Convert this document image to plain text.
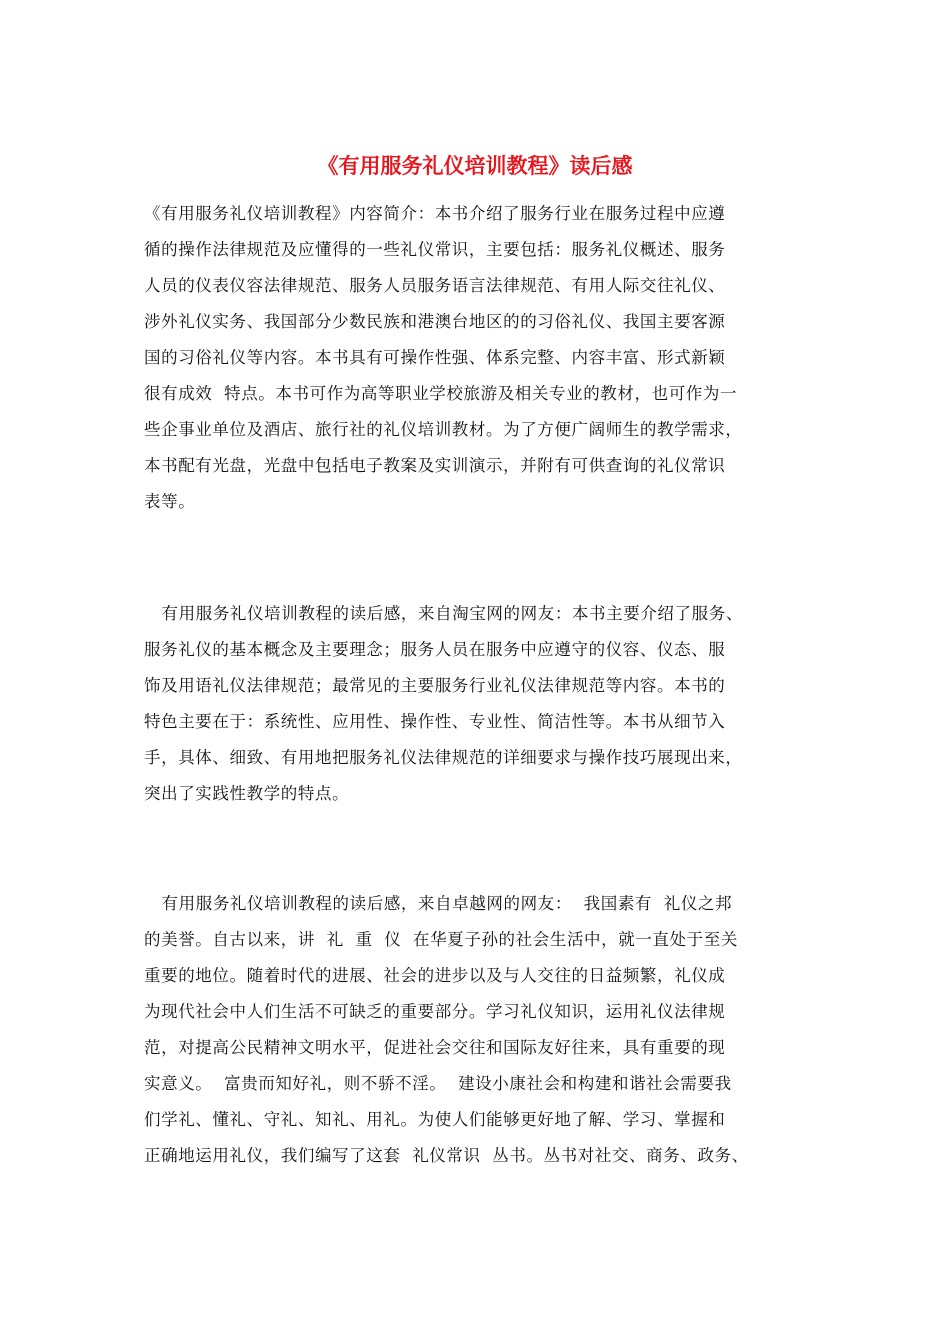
《有用服务礼仪培训教程》读后感
《有用服务礼仪培训教程》内容简介：本书介绍了服务行业在服务过程中应遵
循的操作法律规范及应懂得的一些礼仪常识，主要包括：服务礼仪概述、服务
人员的仪表仪容法律规范、服务人员服务语言法律规范、有用人际交往礼仪、
涉外礼仪实务、我国部分少数民族和港澳台地区的的习俗礼仪、我国主要客源
国的习俗礼仪等内容。本书具有可操作性强、体系完整、内容丰富、形式新颖
很有成效  特点。本书可作为高等职业学校旅游及相关专业的教材，也可作为一
些企事业单位及酒店、旅行社的礼仪培训教材。为了方便广阔师生的教学需求，
本书配有光盘，光盘中包括电子教案及实训演示，并附有可供查询的礼仪常识
表等。
有用服务礼仪培训教程的读后感，来自淘宝网的网友：本书主要介绍了服务、
服务礼仪的基本概念及主要理念；服务人员在服务中应遵守的仪容、仪态、服
饰及用语礼仪法律规范；最常见的主要服务行业礼仪法律规范等内容。本书的
特色主要在于：系统性、应用性、操作性、专业性、简洁性等。本书从细节入
手，具体、细致、有用地把服务礼仪法律规范的详细要求与操作技巧展现出来，
突出了实践性教学的特点。
有用服务礼仪培训教程的读后感，来自卓越网的网友：  我国素有  礼仪之邦
的美誉。自古以来，讲  礼  重  仪  在华夏子孙的社会生活中，就一直处于至关
重要的地位。随着时代的进展、社会的进步以及与人交往的日益频繁，礼仪成
为现代社会中人们生活不可缺乏的重要部分。学习礼仪知识，运用礼仪法律规
范，对提高公民精神文明水平，促进社会交往和国际友好往来，具有重要的现
实意义。  富贵而知好礼，则不骄不淫。  建设小康社会和构建和谐社会需要我
们学礼、懂礼、守礼、知礼、用礼。为使人们能够更好地了解、学习、掌握和
正确地运用礼仪，我们编写了这套  礼仪常识  丛书。丛书对社交、商务、政务、
